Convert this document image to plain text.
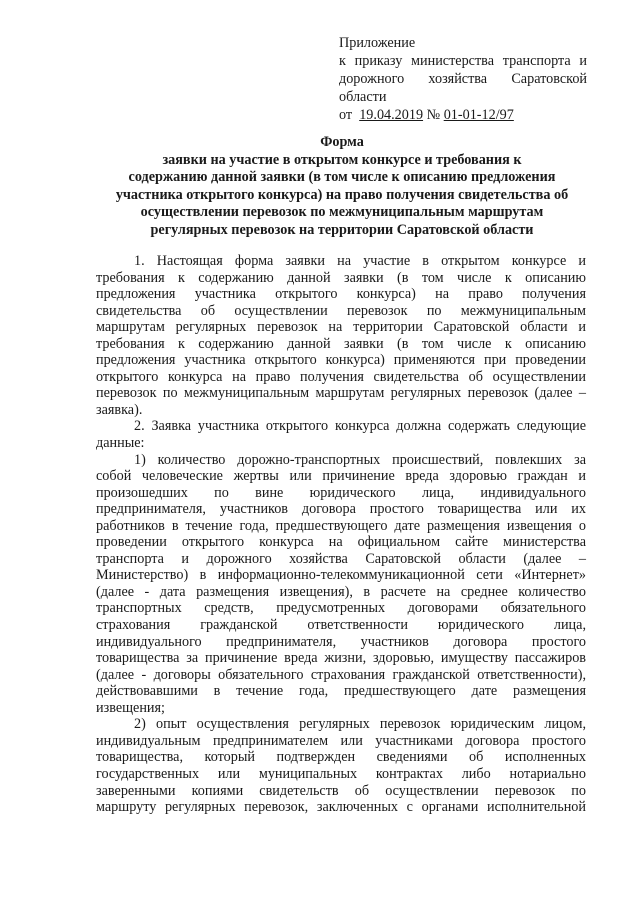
Приложение
к приказу министерства транспорта и
дорожного хозяйства Саратовской
области
от 19.04.2019 № 01-01-12/97
Форма
заявки на участие в открытом конкурсе и требования к
содержанию данной заявки (в том числе к описанию предложения
участника открытого конкурса) на право получения свидетельства об
осуществлении перевозок по межмуниципальным маршрутам
регулярных перевозок на территории Саратовской области
1. Настоящая форма заявки на участие в открытом конкурсе и
требования к содержанию данной заявки (в том числе к описанию
предложения участника открытого конкурса) на право получения
свидетельства об осуществлении перевозок по межмуниципальным
маршрутам регулярных перевозок на территории Саратовской области и
требования к содержанию данной заявки (в том числе к описанию
предложения участника открытого конкурса) применяются при проведении
открытого конкурса на право получения свидетельства об осуществлении
перевозок по межмуниципальным маршрутам регулярных перевозок (далее –
заявка).
2. Заявка участника открытого конкурса должна содержать следующие
данные:
1) количество дорожно-транспортных происшествий, повлекших за
собой человеческие жертвы или причинение вреда здоровью граждан и
произошедших по вине юридического лица, индивидуального
предпринимателя, участников договора простого товарищества или их
работников в течение года, предшествующего дате размещения извещения о
проведении открытого конкурса на официальном сайте министерства
транспорта и дорожного хозяйства Саратовской области (далее –
Министерство) в информационно-телекоммуникационной сети «Интернет»
(далее - дата размещения извещения), в расчете на среднее количество
транспортных средств, предусмотренных договорами обязательного
страхования гражданской ответственности юридического лица,
индивидуального предпринимателя, участников договора простого
товарищества за причинение вреда жизни, здоровью, имуществу пассажиров
(далее - договоры обязательного страхования гражданской ответственности),
действовавшими в течение года, предшествующего дате размещения
извещения;
2) опыт осуществления регулярных перевозок юридическим лицом,
индивидуальным предпринимателем или участниками договора простого
товарищества, который подтвержден сведениями об исполненных
государственных или муниципальных контрактах либо нотариально
заверенными копиями свидетельств об осуществлении перевозок по
маршруту регулярных перевозок, заключенных с органами исполнительной
